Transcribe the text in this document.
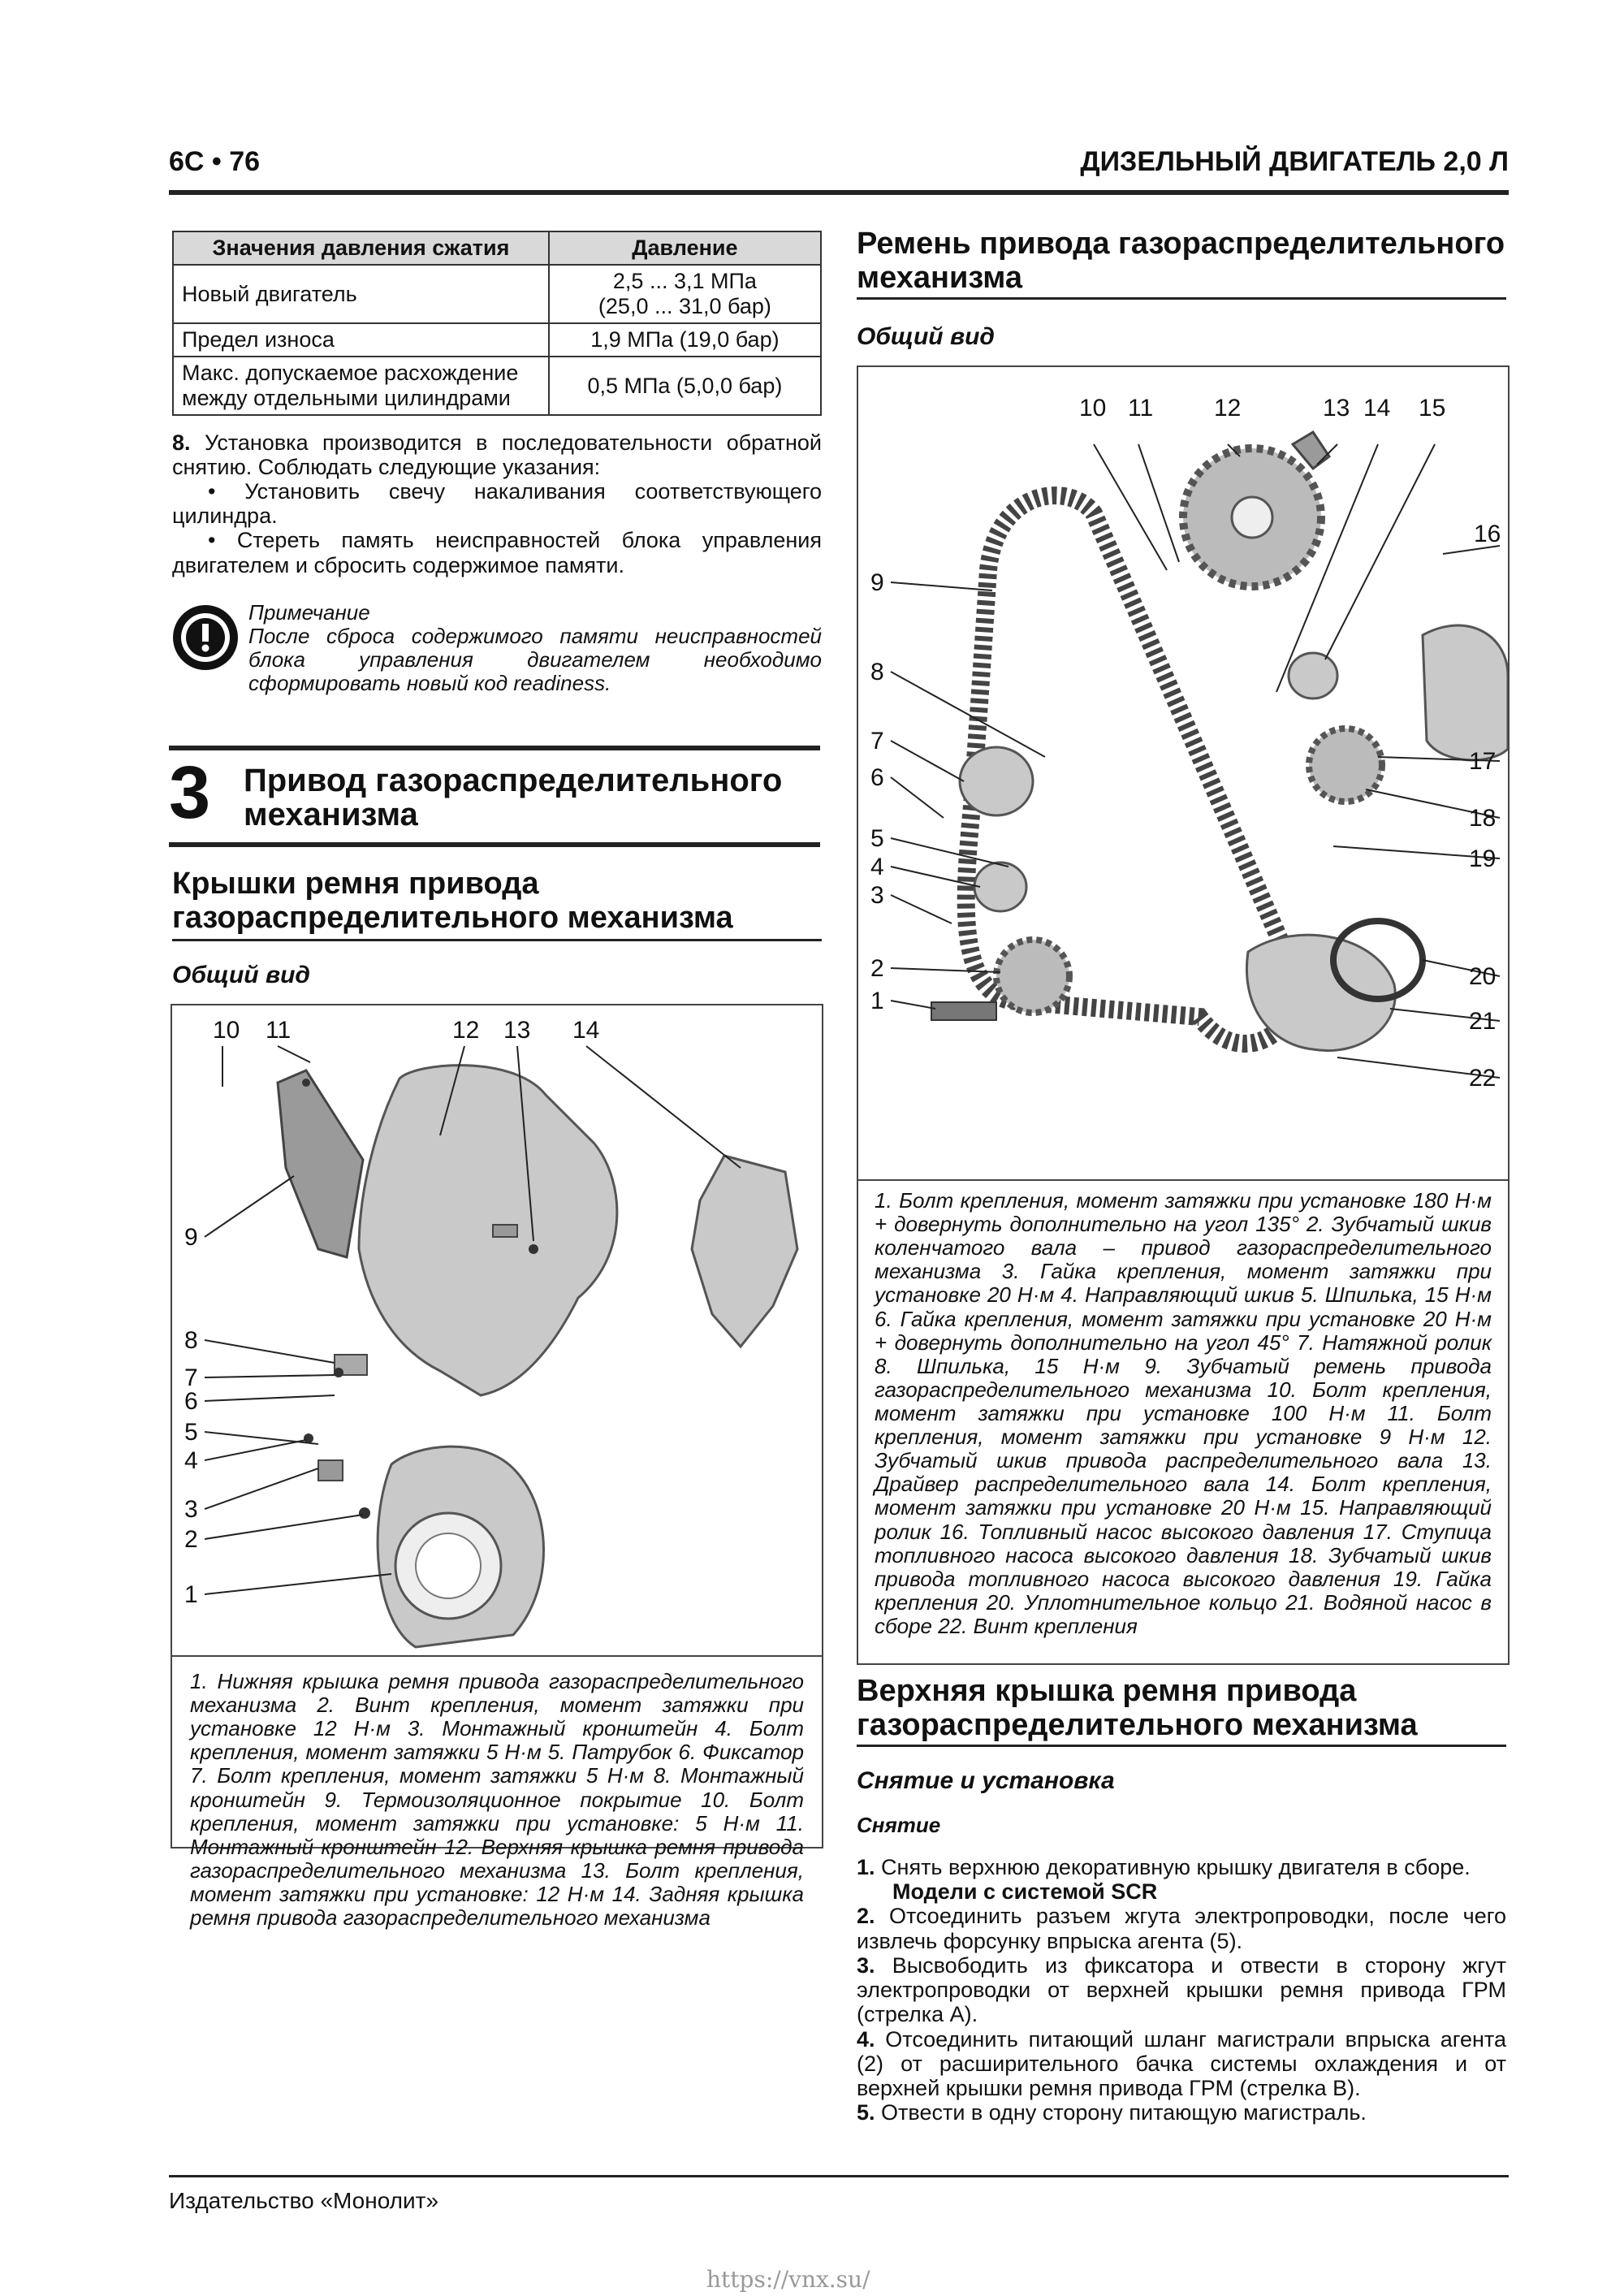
6С • 76	ДИЗЕЛЬНЫЙ ДВИГАТЕЛЬ 2,0 Л
Значения давления сжатия	Давление
Новый двигатель	2,5 ... 3,1 МПа
(25,0 ... 31,0 бар)

Предел износа	1,9 МПа (19,0 бар)
Макс. допускаемое расхождение между отдельными цилиндрами	0,5 МПа (5,0,0 бар)
8. Установка производится в последовательности обратной снятию. Соблюдать следующие указания:
• Установить свечу накаливания соответствующего цилиндра.
• Стереть память неисправностей блока управления двигателем и сбросить содержимое памяти.
Примечание
После сброса содержимого памяти неисправностей блока управления двигателем необходимо сформировать новый код readiness.
3 Привод газораспределительного механизма
Крышки ремня привода газораспределительного механизма
Общий вид
10 11	12 13 14
9
8
7
6
5
4
3
2
1
1. Нижняя крышка ремня привода газораспределительного механизма 2. Винт крепления, момент затяжки при установке 12 Н·м 3. Монтажный кронштейн 4. Болт крепления, момент затяжки 5 Н·м 5. Патрубок 6. Фиксатор 7. Болт крепления, момент затяжки 5 Н·м 8. Монтажный кронштейн 9. Термоизоляционное покрытие 10. Болт крепления, момент затяжки при установке: 5 Н·м 11. Монтажный кронштейн 12. Верхняя крышка ремня привода газораспределительного механизма 13. Болт крепления, момент затяжки при установке: 12 Н·м 14. Задняя крышка ремня привода газораспределительного механизма
Ремень привода газораспределительного механизма
Общий вид
10 11 12	13 14 15
16
9
8
7
6
5
4
3
2
1
17
18
19
20
21
22
1. Болт крепления, момент затяжки при установке 180 Н·м + довернуть дополнительно на угол 135° 2. Зубчатый шкив коленчатого вала – привод газораспределительного механизма 3. Гайка крепления, момент затяжки при установке 20 Н·м 4. Направляющий шкив 5. Шпилька, 15 Н·м 6. Гайка крепления, момент затяжки при установке 20 Н·м + довернуть дополнительно на угол 45° 7. Натяжной ролик 8. Шпилька, 15 Н·м 9. Зубчатый ремень привода газораспределительного механизма 10. Болт крепления, момент затяжки при установке 100 Н·м 11. Болт крепления, момент затяжки при установке 9 Н·м 12. Зубчатый шкив привода распределительного вала 13. Драйвер распределительного вала 14. Болт крепления, момент затяжки при установке 20 Н·м 15. Направляющий ролик 16. Топливный насос высокого давления 17. Ступица топливного насоса высокого давления 18. Зубчатый шкив привода топливного насоса высокого давления 19. Гайка крепления 20. Уплотнительное кольцо 21. Водяной насос в сборе 22. Винт крепления
Верхняя крышка ремня привода газораспределительного механизма
Снятие и установка
Снятие
1. Снять верхнюю декоративную крышку двигателя в сборе.
Модели с системой SCR
2. Отсоединить разъем жгута электропроводки, после чего извлечь форсунку впрыска агента (5).
3. Высвободить из фиксатора и отвести в сторону жгут электропроводки от верхней крышки ремня привода ГРМ (стрелка А).
4. Отсоединить питающий шланг магистрали впрыска агента (2) от расширительного бачка системы охлаждения и от верхней крышки ремня привода ГРМ (стрелка B).
5. Отвести в одну сторону питающую магистраль.
Издательство «Монолит»
https://vnx.su/
